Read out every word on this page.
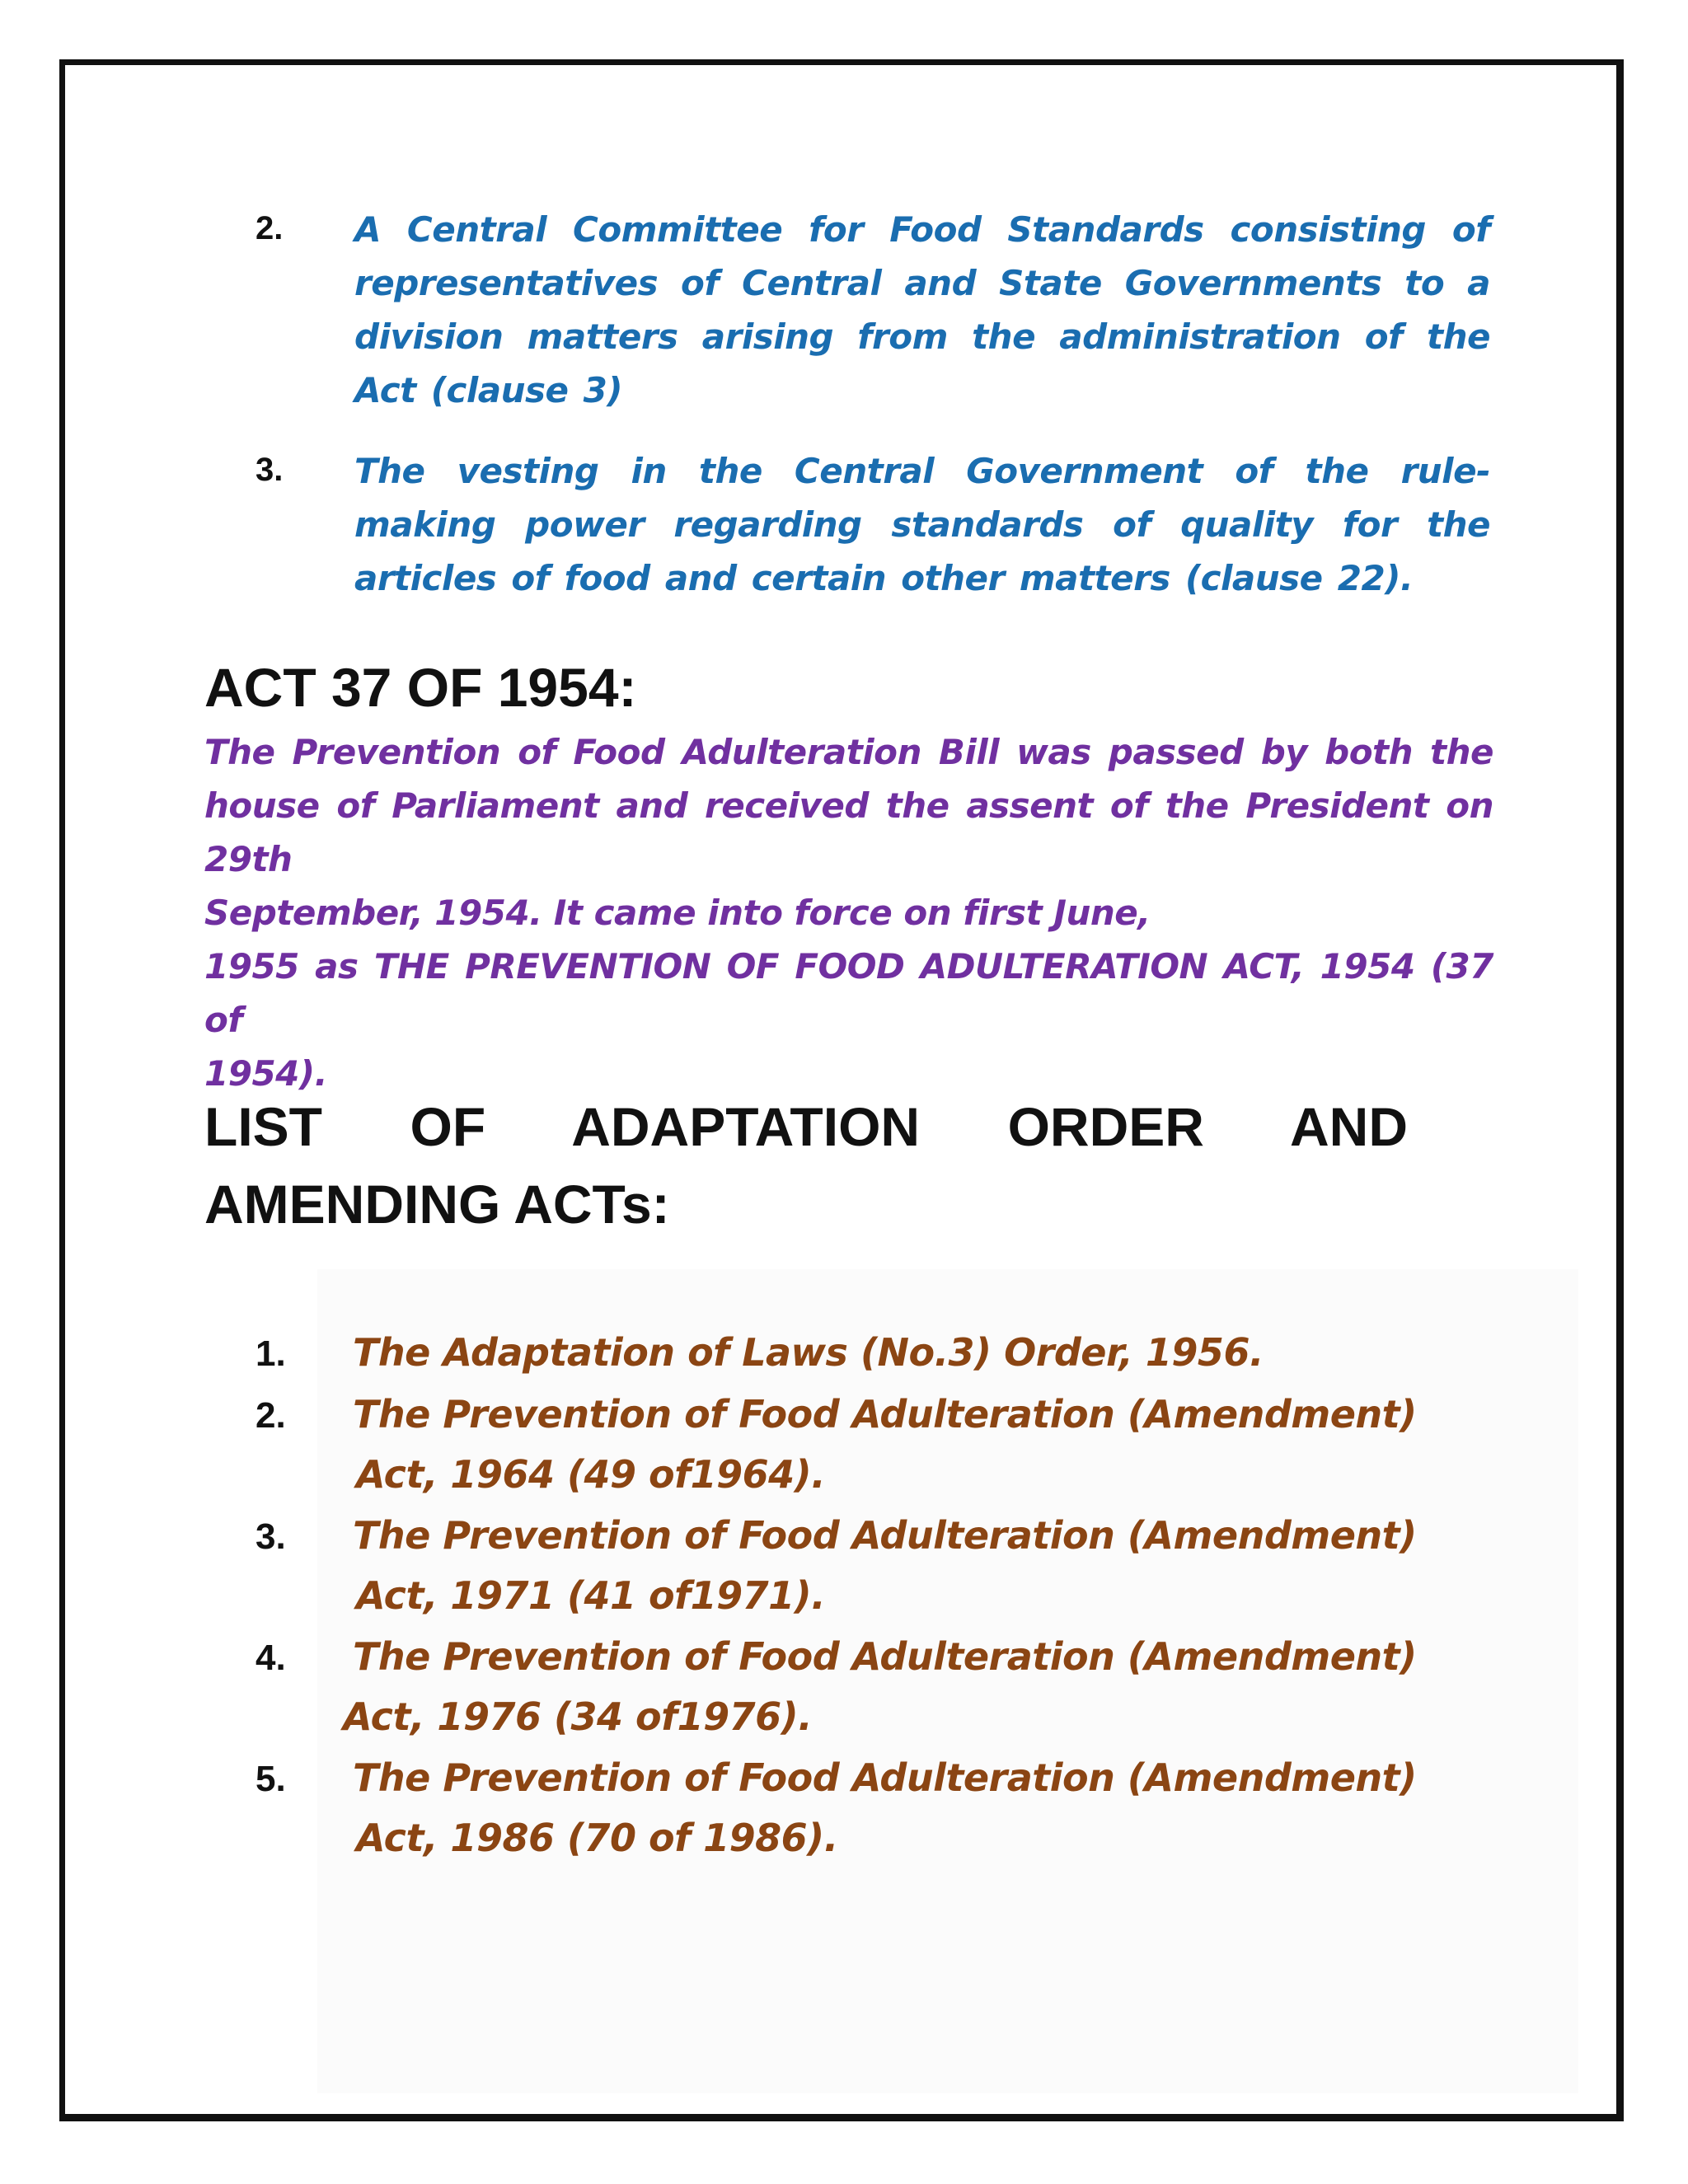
2. A Central Committee for Food Standards consisting of representatives of Central and State Governments to a division matters arising from the administration of the Act (clause 3)
3. The vesting in the Central Government of the rule-making power regarding standards of quality for the articles of food and certain other matters (clause 22).
ACT 37 OF 1954:
The Prevention of Food Adulteration Bill was passed by both the
house of Parliament and received the assent of the President on 29th
September, 1954. It came into force on first June,
1955 as THE PREVENTION OF FOOD ADULTERATION ACT, 1954 (37
of
1954).
LIST OF ADAPTATION ORDER AND
AMENDING ACTs:
1. The Adaptation of Laws (No.3) Order, 1956.
2. The Prevention of Food Adulteration (Amendment)
Act, 1964 (49 of1964).
3. The Prevention of Food Adulteration (Amendment)
Act, 1971 (41 of1971).
4. The Prevention of Food Adulteration (Amendment)
Act, 1976 (34 of1976).
5. The Prevention of Food Adulteration (Amendment)
Act, 1986 (70 of 1986).
